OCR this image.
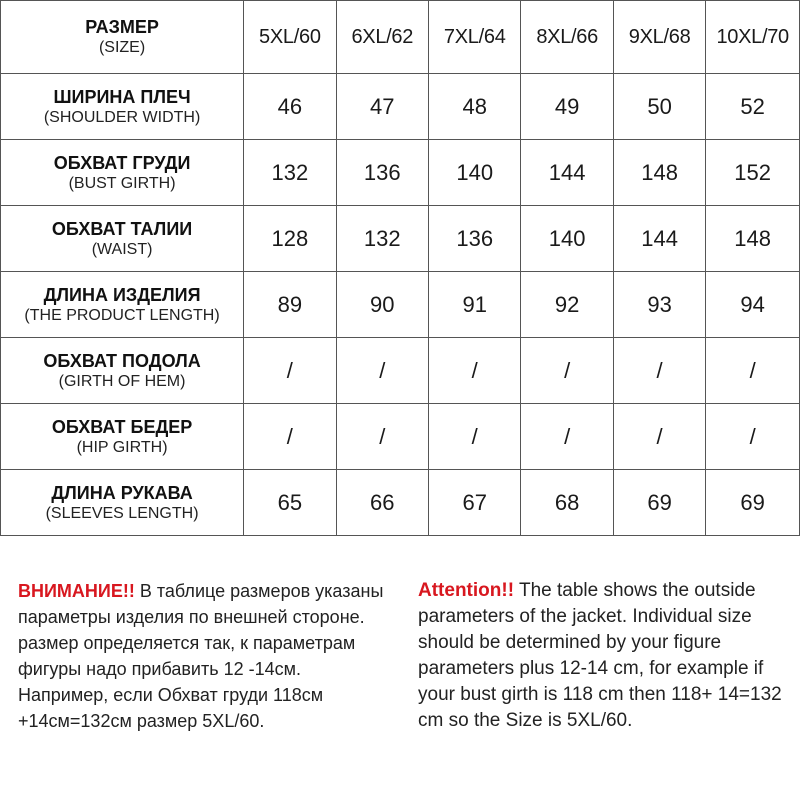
РАЗМЕР
(SIZE)	5XL/60	6XL/62	7XL/64	8XL/66	9XL/68	10XL/70

ШИРИНА ПЛЕЧ
(SHOULDER WIDTH)	46	47	48	49	50	52

ОБХВАТ ГРУДИ
(BUST GIRTH)	132	136	140	144	148	152

ОБХВАТ ТАЛИИ
(WAIST)	128	132	136	140	144	148

ДЛИНА ИЗДЕЛИЯ
(THE PRODUCT LENGTH)	89	90	91	92	93	94

ОБХВАТ ПОДОЛА
(GIRTH OF HEM)	/	/	/	/	/	/

ОБХВАТ БЕДЕР
(HIP GIRTH)	/	/	/	/	/	/

ДЛИНА РУКАВА
(SLEEVES LENGTH)	65	66	67	68	69	69
ВНИМАНИЕ!! В таблице размеров указаны параметры изделия по внешней стороне. размер определяется так, к параметрам фигуры надо прибавить 12 -14см. Например, если Обхват груди 118см +14см=132см размер 5XL/60.
Attention!! The table shows the outside parameters of the jacket. Individual size should be determined by your figure parameters plus 12-14 cm, for example if your bust girth is 118 cm then 118+ 14=132 cm so the Size is 5XL/60.
